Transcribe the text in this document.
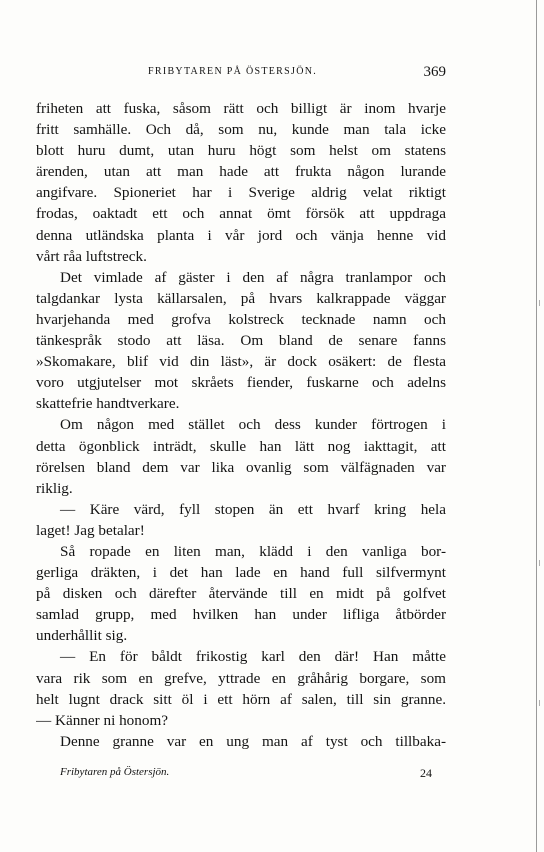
FRIBYTAREN PÅ ÖSTERSJÖN.	369
friheten att fuska, såsom rätt och billigt är inom hvarje
fritt samhälle. Och då, som nu, kunde man tala icke
blott huru dumt, utan huru högt som helst om statens
ärenden, utan att man hade att frukta någon lurande
angifvare. Spioneriet har i Sverige aldrig velat riktigt
frodas, oaktadt ett och annat ömt försök att uppdraga
denna utländska planta i vår jord och vänja henne vid
vårt råa luftstreck.
Det vimlade af gäster i den af några tranlampor och
talgdankar lysta källarsalen, på hvars kalkrappade väggar
hvarjehanda med grofva kolstreck tecknade namn och
tänkespråk stodo att läsa. Om bland de senare fanns
»Skomakare, blif vid din läst», är dock osäkert: de flesta
voro utgjutelser mot skråets fiender, fuskarne och adelns
skattefrie handtverkare.
Om någon med stället och dess kunder förtrogen i
detta ögonblick inträdt, skulle han lätt nog iakttagit, att
rörelsen bland dem var lika ovanlig som välfägnaden var
riklig.
— Käre värd, fyll stopen än ett hvarf kring hela
laget! Jag betalar!
Så ropade en liten man, klädd i den vanliga bor-
gerliga dräkten, i det han lade en hand full silfvermynt
på disken och därefter återvände till en midt på golfvet
samlad grupp, med hvilken han under lifliga åtbörder
underhållit sig.
— En för båldt frikostig karl den där! Han måtte
vara rik som en grefve, yttrade en gråhårig borgare, som
helt lugnt drack sitt öl i ett hörn af salen, till sin granne.
— Känner ni honom?
Denne granne var en ung man af tyst och tillbaka-
Fribytaren på Östersjön.	24
